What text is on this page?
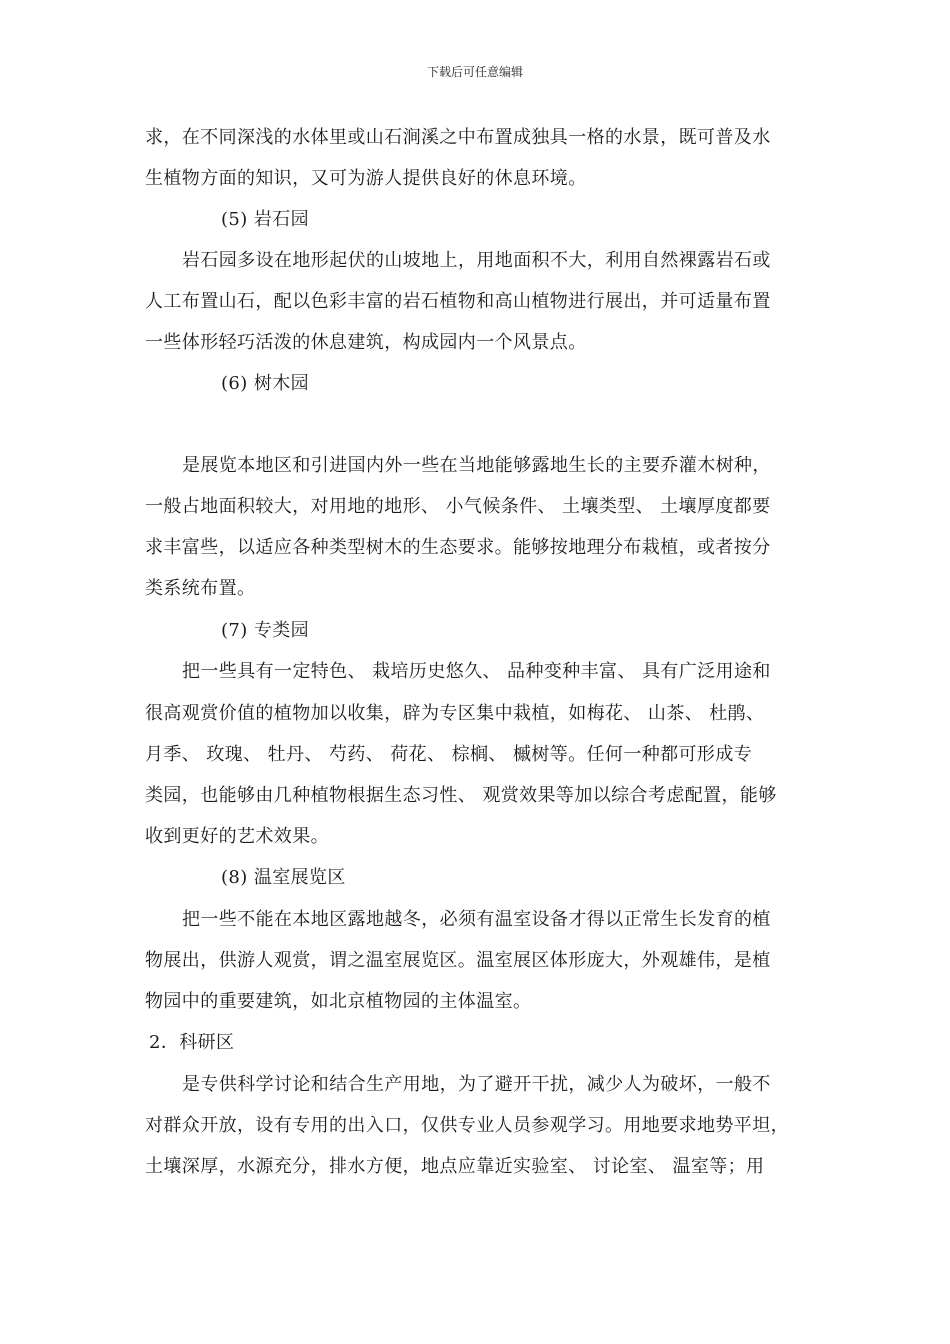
下载后可任意编辑
求，在不同深浅的水体里或山石涧溪之中布置成独具一格的水景，既可普及水
生植物方面的知识，又可为游人提供良好的休息环境。
(5) 岩石园
岩石园多设在地形起伏的山坡地上，用地面积不大，利用自然裸露岩石或
人工布置山石，配以色彩丰富的岩石植物和高山植物进行展出，并可适量布置
一些体形轻巧活泼的休息建筑，构成园内一个风景点。
(6) 树木园
是展览本地区和引进国内外一些在当地能够露地生长的主要乔灌木树种，
一般占地面积较大，对用地的地形、 小气候条件、 土壤类型、 土壤厚度都要
求丰富些，以适应各种类型树木的生态要求。能够按地理分布栽植，或者按分
类系统布置。
(7) 专类园
把一些具有一定特色、 栽培历史悠久、 品种变种丰富、 具有广泛用途和
很高观赏价值的植物加以收集，辟为专区集中栽植，如梅花、 山茶、 杜鹃、
月季、 玫瑰、 牡丹、 芍药、 荷花、 棕榈、 槭树等。任何一种都可形成专
类园，也能够由几种植物根据生态习性、 观赏效果等加以综合考虑配置，能够
收到更好的艺术效果。
(8) 温室展览区
把一些不能在本地区露地越冬，必须有温室设备才得以正常生长发育的植
物展出，供游人观赏，谓之温室展览区。温室展区体形庞大，外观雄伟，是植
物园中的重要建筑，如北京植物园的主体温室。
2．科研区
是专供科学讨论和结合生产用地，为了避开干扰，减少人为破坏，一般不
对群众开放，设有专用的出入口，仅供专业人员参观学习。用地要求地势平坦，
土壤深厚，水源充分，排水方便，地点应靠近实验室、 讨论室、 温室等；用
